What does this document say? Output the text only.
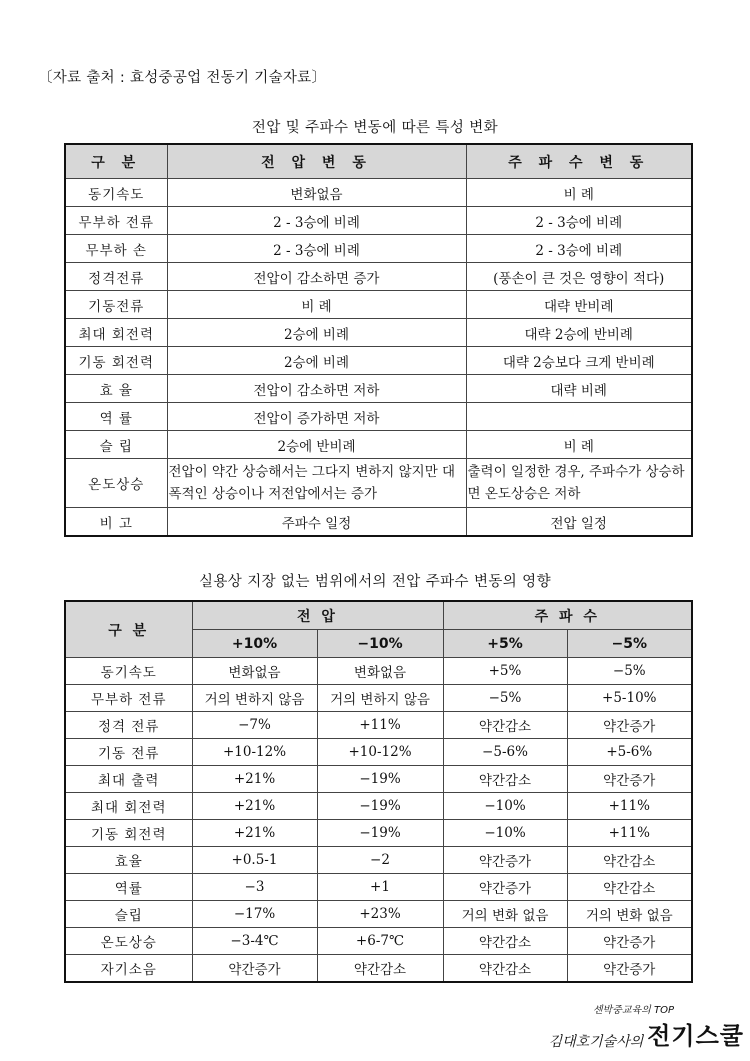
〔자료 출처 : 효성중공업 전동기 기술자료〕
전압 및 주파수 변동에 따른 특성 변화
구 분	전 압 변 동	주 파 수 변 동
동기속도	변화없음	비 례
무부하 전류	2 - 3승에 비례	2 - 3승에 비례
무부하 손	2 - 3승에 비례	2 - 3승에 비례
정격전류	전압이 감소하면 증가	(풍손이 큰 것은 영향이 적다)
기동전류	비 례	대략 반비례
최대 회전력	2승에 비례	대략 2승에 반비례
기동 회전력	2승에 비례	대략 2승보다 크게 반비례
효 율	전압이 감소하면 저하	대략 비례
역 률	전압이 증가하면 저하	
슬 립	2승에 반비례	비 례
온도상승	전압이 약간 상승해서는 그다지 변하지 않지만 대폭적인 상승이나 저전압에서는 증가	출력이 일정한 경우, 주파수가 상승하면 온도상승은 저하
비 고	주파수 일정	전압 일정
실용상 지장 없는 범위에서의 전압 주파수 변동의 영향
구 분	전 압		주 파 수	
	+10%	−10%	+5%	−5%
동기속도	변화없음	변화없음	+5%	−5%
무부하 전류	거의 변하지 않음	거의 변하지 않음	−5%	+5-10%
정격 전류	−7%	+11%	약간감소	약간증가
기동 전류	+10-12%	+10-12%	−5-6%	+5-6%
최대 출력	+21%	−19%	약간감소	약간증가
최대 회전력	+21%	−19%	−10%	+11%
기동 회전력	+21%	−19%	−10%	+11%
효율	+0.5-1	−2	약간증가	약간감소
역률	−3	+1	약간증가	약간감소
슬립	−17%	+23%	거의 변화 없음	거의 변화 없음
온도상승	−3-4℃	+6-7℃	약간감소	약간증가
자기소음	약간증가	약간감소	약간감소	약간증가
센박중교육의 TOP
김대호기술사의 전기스쿨
